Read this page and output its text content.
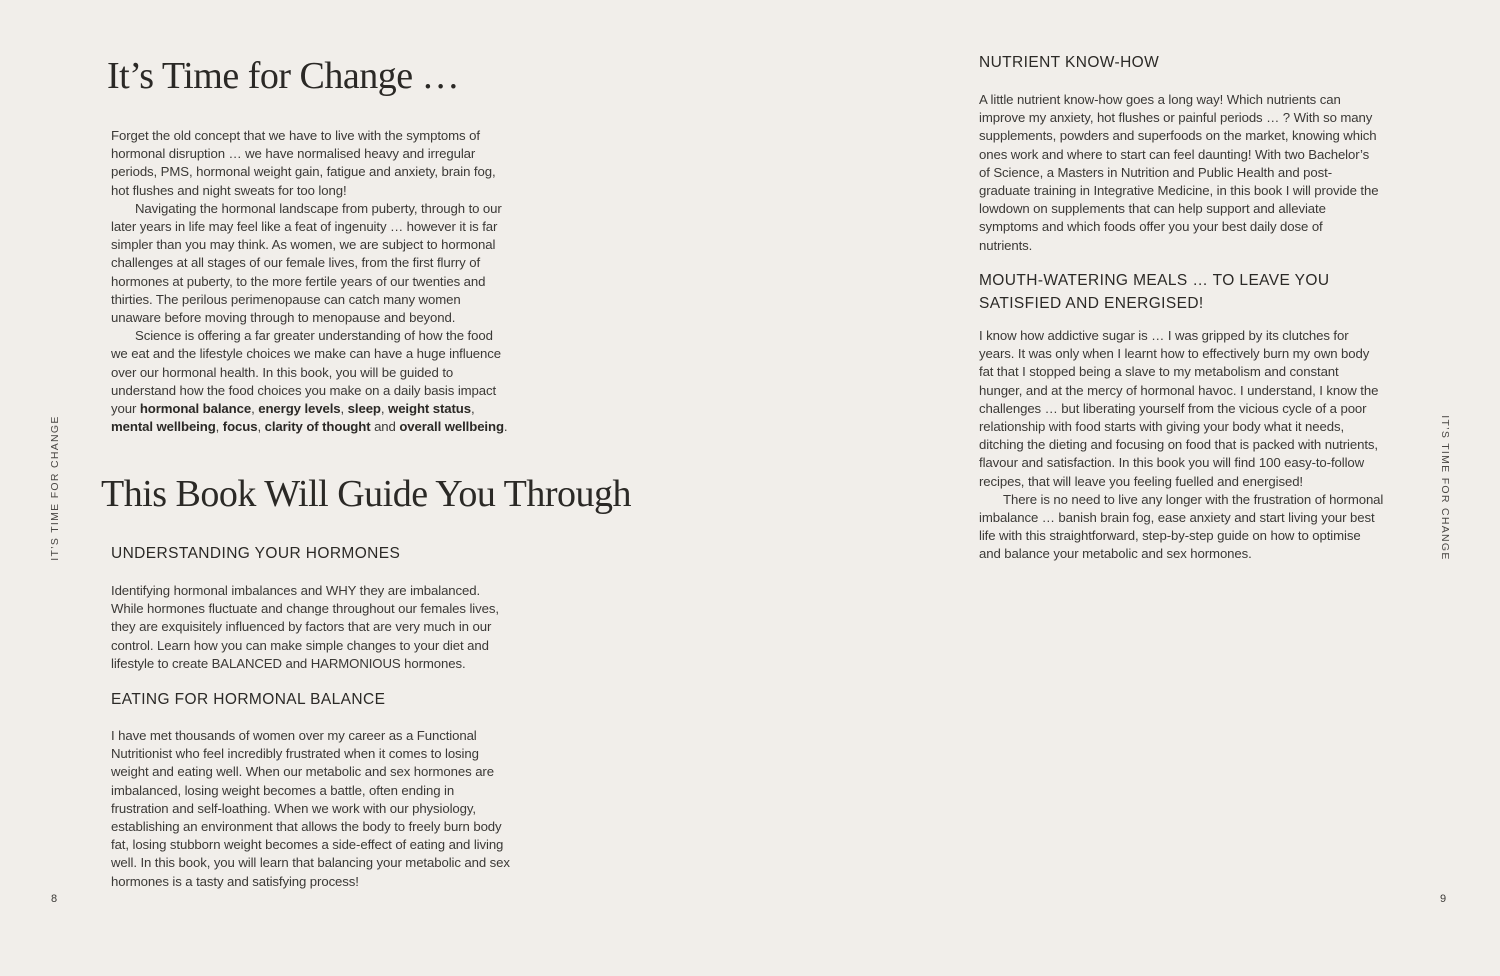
IT’S TIME FOR CHANGE
It’s Time for Change …

Forget the old concept that we have to live with the symptoms of hormonal disruption … we have normalised heavy and irregular periods, PMS, hormonal weight gain, fatigue and anxiety, brain fog, hot flushes and night sweats for too long!

Navigating the hormonal landscape from puberty, through to our later years in life may feel like a feat of ingenuity … however it is far simpler than you may think. As women, we are subject to hormonal challenges at all stages of our female lives, from the first flurry of hormones at puberty, to the more fertile years of our twenties and thirties. The perilous perimenopause can catch many women unaware before moving through to menopause and beyond.

Science is offering a far greater understanding of how the food we eat and the lifestyle choices we make can have a huge influence over our hormonal health. In this book, you will be guided to understand how the food choices you make on a daily basis impact your hormonal balance, energy levels, sleep, weight status, mental wellbeing, focus, clarity of thought and overall wellbeing.

This Book Will Guide You Through
UNDERSTANDING YOUR HORMONES

Identifying hormonal imbalances and WHY they are imbalanced. While hormones fluctuate and change throughout our females lives, they are exquisitely influenced by factors that are very much in our control. Learn how you can make simple changes to your diet and lifestyle to create BALANCED and HARMONIOUS hormones.

EATING FOR HORMONAL BALANCE

I have met thousands of women over my career as a Functional Nutritionist who feel incredibly frustrated when it comes to losing weight and eating well. When our metabolic and sex hormones are imbalanced, losing weight becomes a battle, often ending in frustration and self-loathing. When we work with our physiology, establishing an environment that allows the body to freely burn body fat, losing stubborn weight becomes a side-effect of eating and living well. In this book, you will learn that balancing your metabolic and sex hormones is a tasty and satisfying process!

8
NUTRIENT KNOW-HOW

A little nutrient know-how goes a long way! Which nutrients can improve my anxiety, hot flushes or painful periods … ? With so many supplements, powders and superfoods on the market, knowing which ones work and where to start can feel daunting! With two Bachelor’s of Science, a Masters in Nutrition and Public Health and post-graduate training in Integrative Medicine, in this book I will provide the lowdown on supplements that can help support and alleviate symptoms and which foods offer you your best daily dose of nutrients.

MOUTH-WATERING MEALS … TO LEAVE YOU SATISFIED AND ENERGISED!

I know how addictive sugar is … I was gripped by its clutches for years. It was only when I learnt how to effectively burn my own body fat that I stopped being a slave to my metabolism and constant hunger, and at the mercy of hormonal havoc. I understand, I know the challenges … but liberating yourself from the vicious cycle of a poor relationship with food starts with giving your body what it needs, ditching the dieting and focusing on food that is packed with nutrients, flavour and satisfaction. In this book you will find 100 easy-to-follow recipes, that will leave you feeling fuelled and energised!

There is no need to live any longer with the frustration of hormonal imbalance … banish brain fog, ease anxiety and start living your best life with this straightforward, step-by-step guide on how to optimise and balance your metabolic and sex hormones.	IT’S TIME FOR CHANGE
9
